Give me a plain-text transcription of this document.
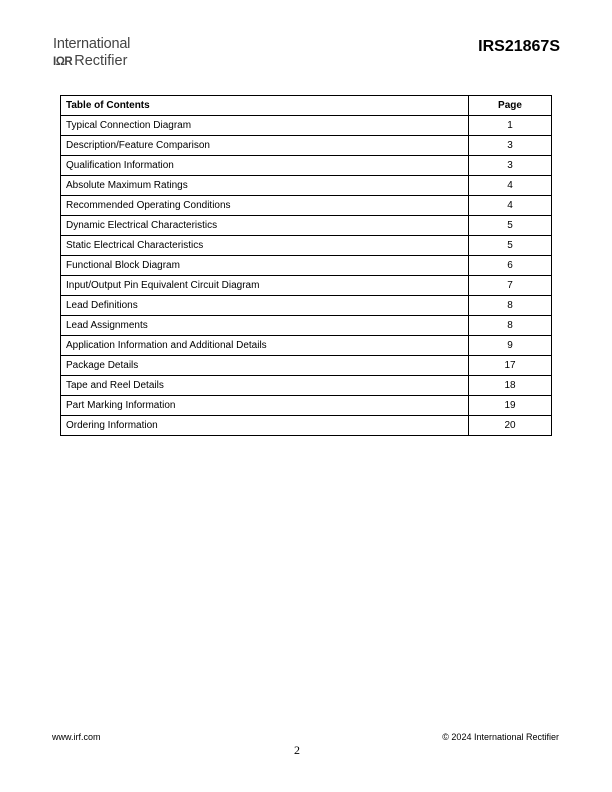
International
IΩR Rectifier
IRS21867S
Table of Contents	Page
Typical Connection Diagram	1
Description/Feature Comparison	3
Qualification Information	3
Absolute Maximum Ratings	4
Recommended Operating Conditions	4
Dynamic Electrical Characteristics	5
Static Electrical Characteristics	5
Functional Block Diagram	6
Input/Output Pin Equivalent Circuit Diagram	7
Lead Definitions	8
Lead Assignments	8
Application Information and Additional Details	9
Package Details	17
Tape and Reel Details	18
Part Marking Information	19
Ordering Information	20
www.irf.com	© 2024 International Rectifier
2
